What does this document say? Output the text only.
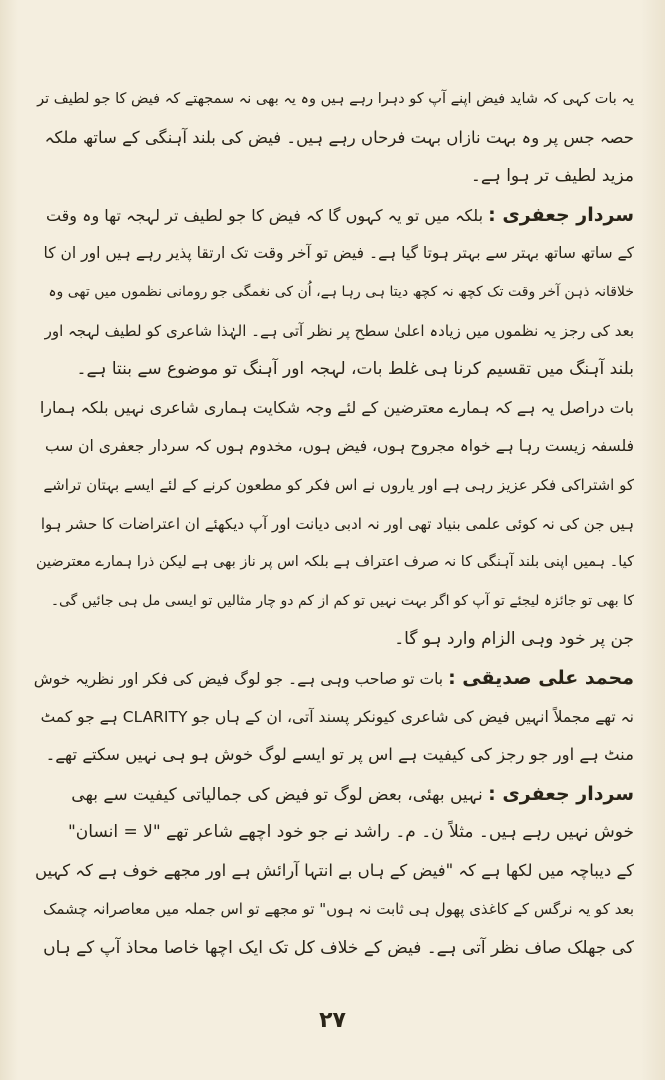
یہ بات کہی کہ شاید فیض اپنے آپ کو دہرا رہے ہیں وہ یہ بھی نہ سمجھتے کہ فیض کا جو لطیف تر
حصہ جس پر وہ بہت نازاں بہت فرحاں رہے ہیں۔ فیض کی بلند آہنگی کے ساتھ ملکہ
مزید لطیف تر ہوا ہے۔
سردار جعفری : بلکہ میں تو یہ کہوں گا کہ فیض کا جو لطیف تر لہجہ تھا وہ وقت
کے ساتھ ساتھ بہتر سے بہتر ہوتا گیا ہے۔ فیض تو آخر وقت تک ارتقا پذیر رہے ہیں اور ان کا
خلاقانہ ذہن آخر وقت تک کچھ نہ کچھ دیتا ہی رہا ہے، اُن کی نغمگی جو رومانی نظموں میں تھی وہ
بعد کی رجز یہ نظموں میں زیادہ اعلیٰ سطح پر نظر آتی ہے۔ الہٰذا شاعری کو لطیف لہجہ اور
بلند آہنگ میں تقسیم کرنا ہی غلط بات، لہجہ اور آہنگ تو موضوع سے بنتا ہے۔
بات دراصل یہ ہے کہ ہمارے معترضین کے لئے وجہ شکایت ہماری شاعری نہیں بلکہ ہمارا
فلسفہ زیست رہا ہے خواہ مجروح ہوں، فیض ہوں، مخدوم ہوں کہ سردار جعفری ان سب
کو اشتراکی فکر عزیز رہی ہے اور یاروں نے اس فکر کو مطعون کرنے کے لئے ایسے بہتان تراشے
ہیں جن کی نہ کوئی علمی بنیاد تھی اور نہ ادبی دیانت اور آپ دیکھئے ان اعتراضات کا حشر ہوا
کیا۔ ہمیں اپنی بلند آہنگی کا نہ صرف اعتراف ہے بلکہ اس پر ناز بھی ہے لیکن ذرا ہمارے معترضین
کا بھی تو جائزہ لیجئے تو آپ کو اگر بہت نہیں تو کم از کم دو چار مثالیں تو ایسی مل ہی جائیں گی۔
جن پر خود وہی الزام وارد ہو گا۔
محمد علی صدیقی : بات تو صاحب وہی ہے۔ جو لوگ فیض کی فکر اور نظریہ خوش
نہ تھے مجملاً انہیں فیض کی شاعری کیونکر پسند آتی، ان کے ہاں جو CLARITY ہے جو کمٹ
منٹ ہے اور جو رجز کی کیفیت ہے اس پر تو ایسے لوگ خوش ہو ہی نہیں سکتے تھے۔
سردار جعفری : نہیں بھئی، بعض لوگ تو فیض کی جمالیاتی کیفیت سے بھی
خوش نہیں رہے ہیں۔ مثلاً ن۔ م۔ راشد نے جو خود اچھے شاعر تھے "لا = انسان"
کے دیباچہ میں لکھا ہے کہ "فیض کے ہاں بے انتہا آرائش ہے اور مجھے خوف ہے کہ کہیں
بعد کو یہ نرگس کے کاغذی پھول ہی ثابت نہ ہوں" تو مجھے تو اس جملہ میں معاصرانہ چشمک
کی جھلک صاف نظر آتی ہے۔ فیض کے خلاف کل تک ایک اچھا خاصا محاذ آپ کے ہاں
۲۷
